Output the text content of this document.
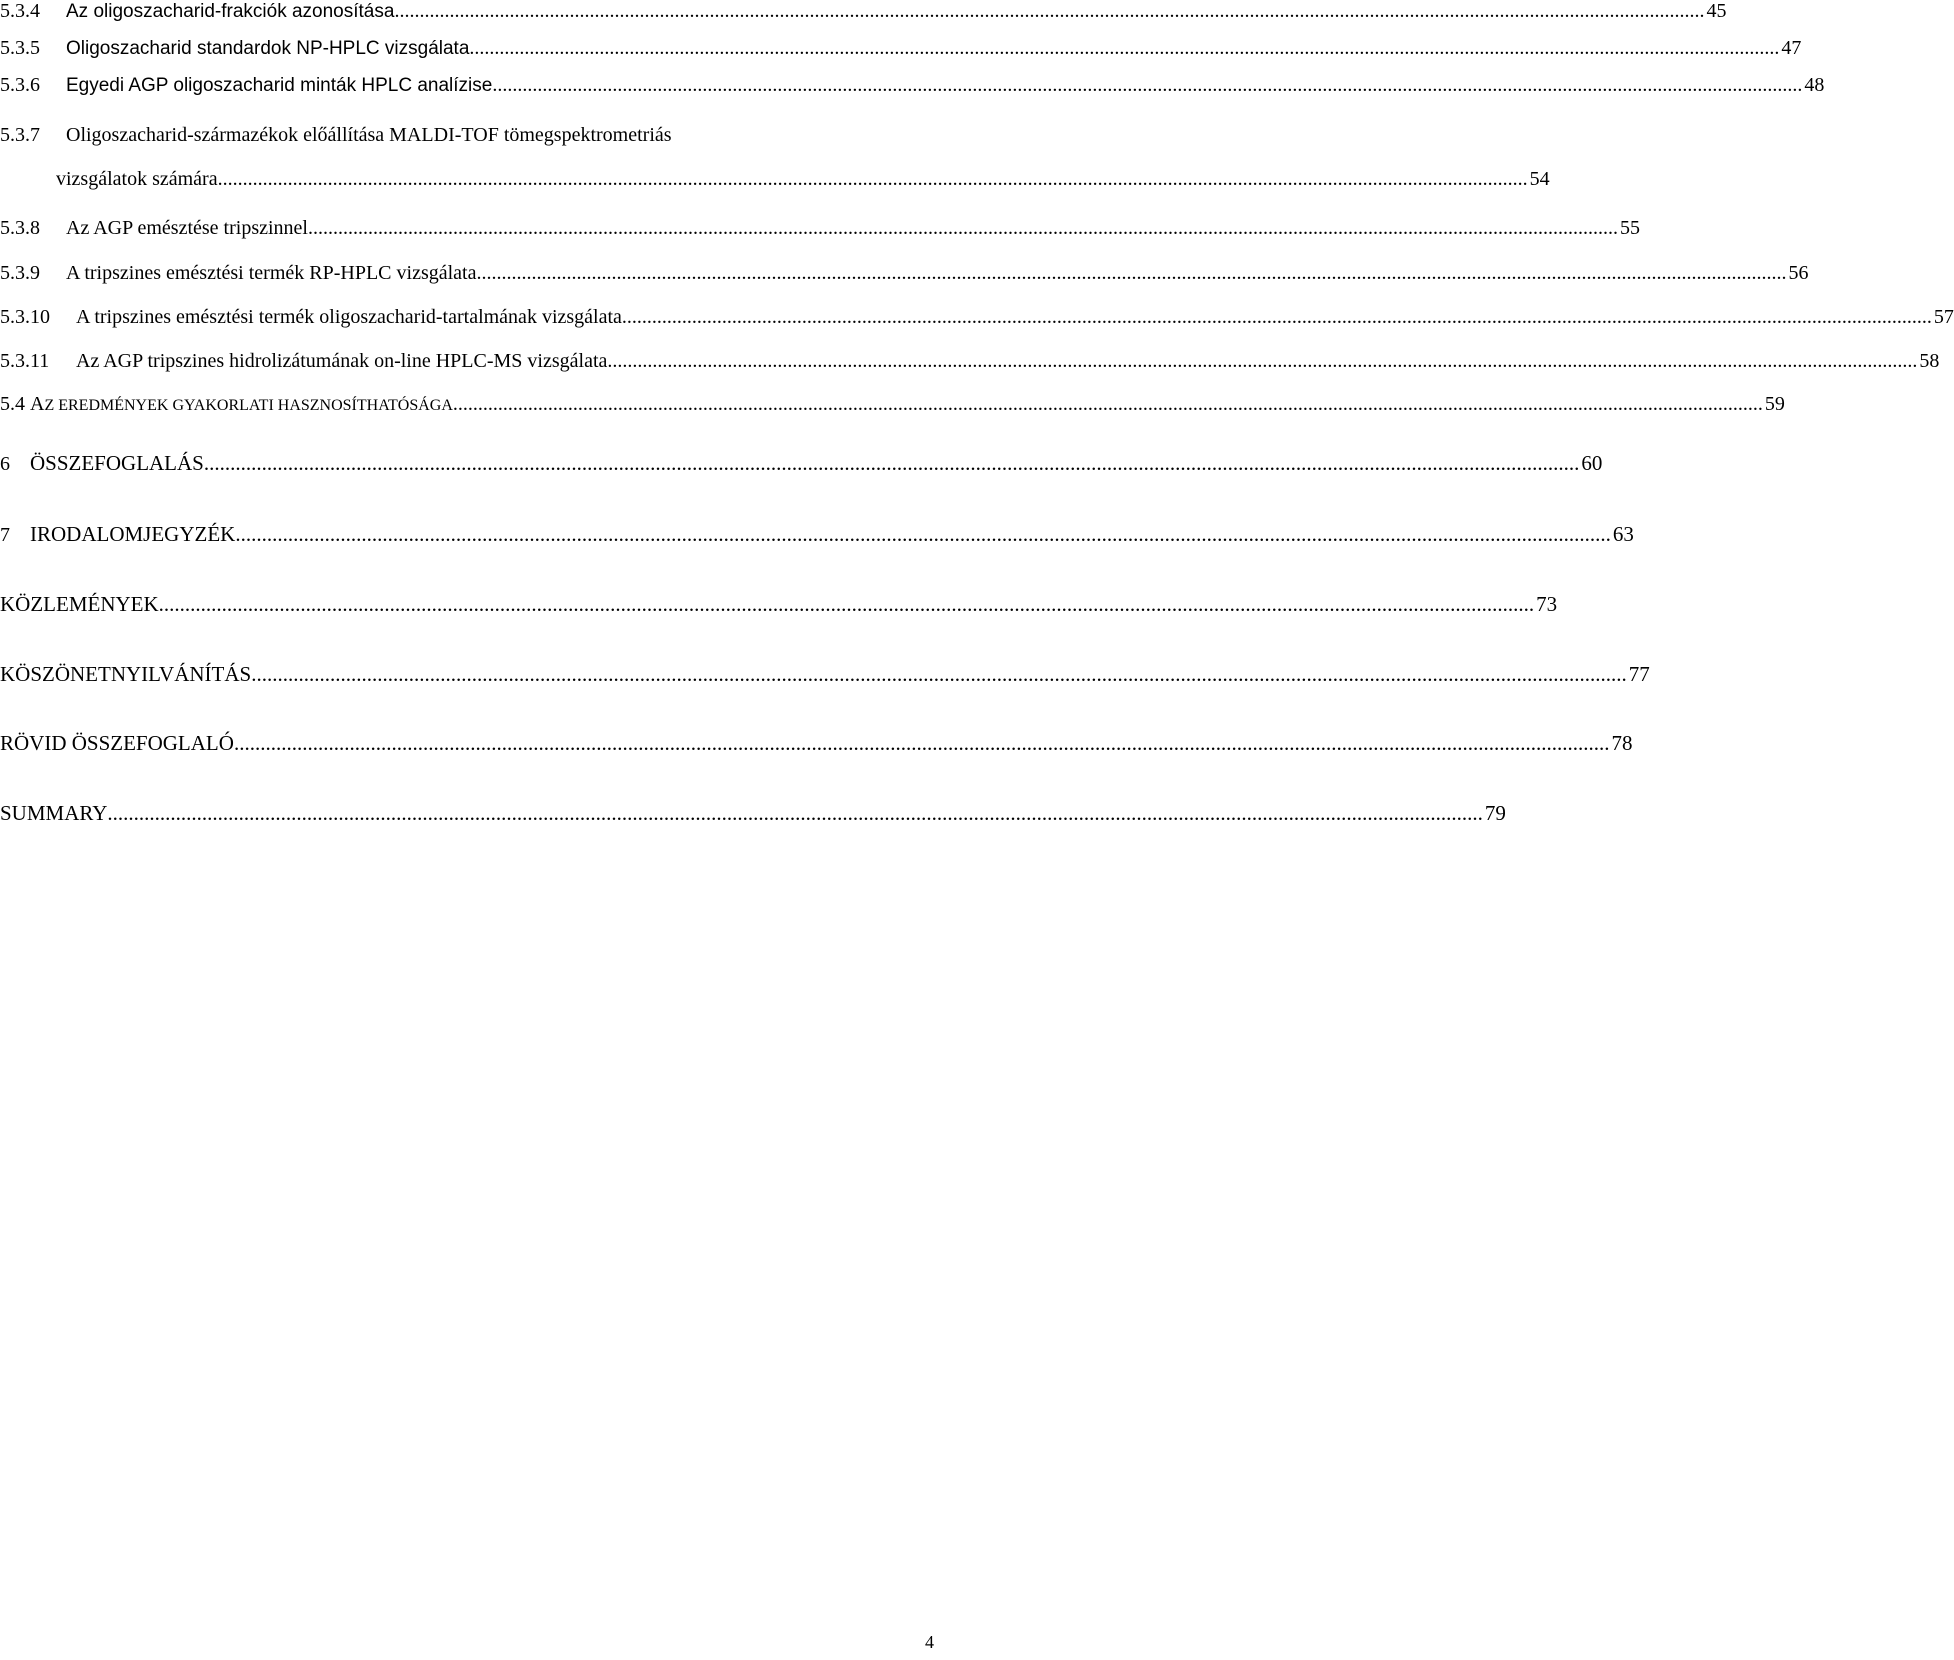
5.3.4	Az oligoszacharid-frakciók azonosítása .....	45
5.3.5	Oligoszacharid standardok NP-HPLC vizsgálata .....	47
5.3.6	Egyedi AGP oligoszacharid minták HPLC analízise .....	48
5.3.7	Oligoszacharid-származékok előállítása MALDI-TOF tömegspektrometriás
vizsgálatok számára .....	54
5.3.8	Az AGP emésztése tripszinnel .....	55
5.3.9	A tripszines emésztési termék RP-HPLC vizsgálata .....	56
5.3.10	A tripszines emésztési termék oligoszacharid-tartalmának vizsgálata .....	57
5.3.11	Az AGP tripszines hidrolizátumának on-line HPLC-MS vizsgálata .....	58
5.4 AZ EREDMÉNYEK GYAKORLATI HASZNOSÍTHATÓSÁGA .....	59
6 ÖSSZEFOGLALÁS .....	60
7 IRODALOMJEGYZÉK .....	63
KÖZLEMÉNYEK .....	73
KÖSZÖNETNYILVÁNÍTÁS .....	77
RÖVID ÖSSZEFOGLALÓ .....	78
SUMMARY .....	79
4
